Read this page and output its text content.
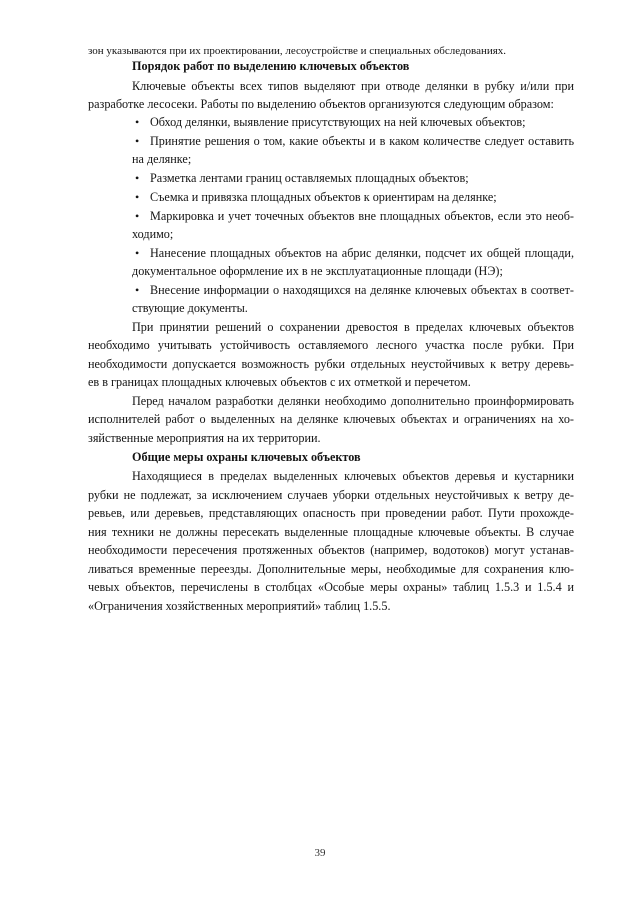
зон указываются при их проектировании, лесоустройстве и специальных обследованиях.
Порядок работ по выделению ключевых объектов
Ключевые объекты всех типов выделяют при отводе делянки в рубку и/или при
разработке лесосеки. Работы по выделению объектов организуются следующим образом:
• Обход делянки, выявление присутствующих на ней ключевых объектов;
• Принятие решения о том, какие объекты и в каком количестве следует оставить
на делянке;
• Разметка лентами границ оставляемых площадных объектов;
• Съемка и привязка площадных объектов к ориентирам на делянке;
• Маркировка и учет точечных объектов вне площадных объектов, если это необ-
ходимо;
• Нанесение площадных объектов на абрис делянки, подсчет их общей площади,
документальное оформление их в не эксплуатационные площади (НЭ);
• Внесение информации о находящихся на делянке ключевых объектах в соответ-
ствующие документы.
При принятии решений о сохранении древостоя в пределах ключевых объектов
необходимо учитывать устойчивость оставляемого лесного участка после рубки. При
необходимости допускается возможность рубки отдельных неустойчивых к ветру деревь-
ев в границах площадных ключевых объектов с их отметкой и перечетом.
Перед началом разработки делянки необходимо дополнительно проинформировать
исполнителей работ о выделенных на делянке ключевых объектах и ограничениях на хо-
зяйственные мероприятия на их территории.
Общие меры охраны ключевых объектов
Находящиеся в пределах выделенных ключевых объектов деревья и кустарники
рубки не подлежат, за исключением случаев уборки отдельных неустойчивых к ветру де-
ревьев, или деревьев, представляющих опасность при проведении работ. Пути прохожде-
ния техники не должны пересекать выделенные площадные ключевые объекты. В случае
необходимости пересечения протяженных объектов (например, водотоков) могут устанав-
ливаться временные переезды. Дополнительные меры, необходимые для сохранения клю-
чевых объектов, перечислены в столбцах «Особые меры охраны» таблиц 1.5.3 и 1.5.4 и
«Ограничения хозяйственных мероприятий» таблиц 1.5.5.
39
